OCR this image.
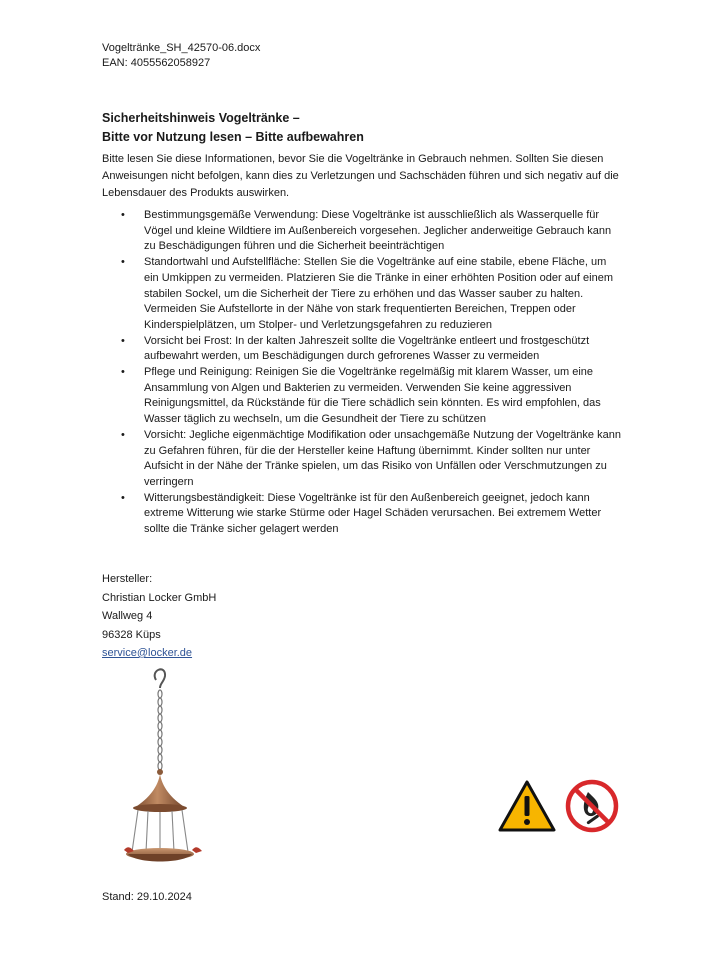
Vogeltränke_SH_42570-06.docx
EAN: 4055562058927
Sicherheitshinweis Vogeltränke –
Bitte vor Nutzung lesen – Bitte aufbewahren
Bitte lesen Sie diese Informationen, bevor Sie die Vogeltränke in Gebrauch nehmen. Sollten Sie diesen Anweisungen nicht befolgen, kann dies zu Verletzungen und Sachschäden führen und sich negativ auf die Lebensdauer des Produkts auswirken.
• Bestimmungsgemäße Verwendung: Diese Vogeltränke ist ausschließlich als Wasserquelle für Vögel und kleine Wildtiere im Außenbereich vorgesehen. Jeglicher anderweitige Gebrauch kann zu Beschädigungen führen und die Sicherheit beeinträchtigen
• Standortwahl und Aufstellfläche: Stellen Sie die Vogeltränke auf eine stabile, ebene Fläche, um ein Umkippen zu vermeiden. Platzieren Sie die Tränke in einer erhöhten Position oder auf einem stabilen Sockel, um die Sicherheit der Tiere zu erhöhen und das Wasser sauber zu halten. Vermeiden Sie Aufstellorte in der Nähe von stark frequentierten Bereichen, Treppen oder Kinderspielplätzen, um Stolper- und Verletzungsgefahren zu reduzieren
• Vorsicht bei Frost: In der kalten Jahreszeit sollte die Vogeltränke entleert und frostgeschützt aufbewahrt werden, um Beschädigungen durch gefrorenes Wasser zu vermeiden
• Pflege und Reinigung: Reinigen Sie die Vogeltränke regelmäßig mit klarem Wasser, um eine Ansammlung von Algen und Bakterien zu vermeiden. Verwenden Sie keine aggressiven Reinigungsmittel, da Rückstände für die Tiere schädlich sein könnten. Es wird empfohlen, das Wasser täglich zu wechseln, um die Gesundheit der Tiere zu schützen
• Vorsicht: Jegliche eigenmächtige Modifikation oder unsachgemäße Nutzung der Vogeltränke kann zu Gefahren führen, für die der Hersteller keine Haftung übernimmt. Kinder sollten nur unter Aufsicht in der Nähe der Tränke spielen, um das Risiko von Unfällen oder Verschmutzungen zu verringern
• Witterungsbeständigkeit: Diese Vogeltränke ist für den Außenbereich geeignet, jedoch kann extreme Witterung wie starke Stürme oder Hagel Schäden verursachen. Bei extremem Wetter sollte die Tränke sicher gelagert werden
Hersteller:
Christian Locker GmbH
Wallweg 4
96328 Küps
service@locker.de
Stand: 29.10.2024
